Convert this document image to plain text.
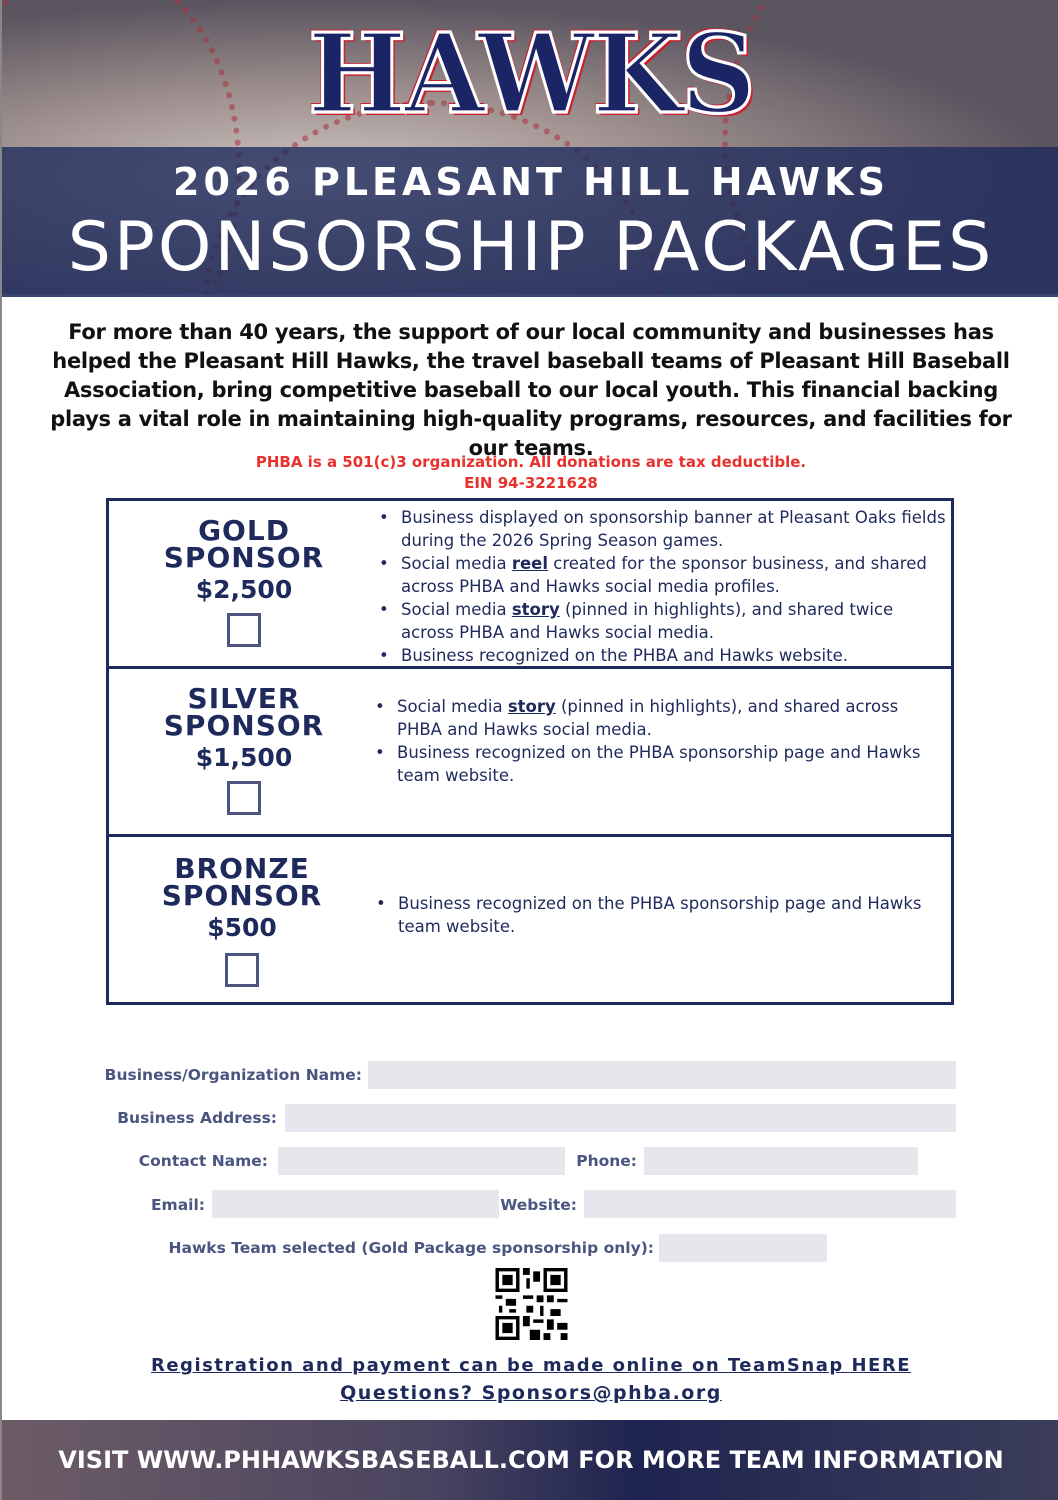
HAWKS
2026 PLEASANT HILL HAWKS
SPONSORSHIP PACKAGES

For more than 40 years, the support of our local community and businesses has helped the Pleasant Hill Hawks, the travel baseball teams of Pleasant Hill Baseball Association, bring competitive baseball to our local youth. This financial backing plays a vital role in maintaining high-quality programs, resources, and facilities for our teams.

PHBA is a 501(c)3 organization. All donations are tax deductible.
EIN 94-3221628
GOLD
SPONSOR
$2,500
• Business displayed on sponsorship banner at Pleasant Oaks fields during the 2026 Spring Season games.
• Social media reel created for the sponsor business, and shared across PHBA and Hawks social media profiles.
• Social media story (pinned in highlights), and shared twice across PHBA and Hawks social media.
• Business recognized on the PHBA and Hawks website.
SILVER
SPONSOR
$1,500
• Social media story (pinned in highlights), and shared across PHBA and Hawks social media.
• Business recognized on the PHBA sponsorship page and Hawks team website.
BRONZE
SPONSOR
$500
• Business recognized on the PHBA sponsorship page and Hawks team website.
Business/Organization Name:
Business Address:
Contact Name:	Phone:
Email:	Website:
Hawks Team selected (Gold Package sponsorship only):
Registration and payment can be made online on TeamSnap HERE
Questions? Sponsors@phba.org
VISIT WWW.PHHAWKSBASEBALL.COM FOR MORE TEAM INFORMATION
